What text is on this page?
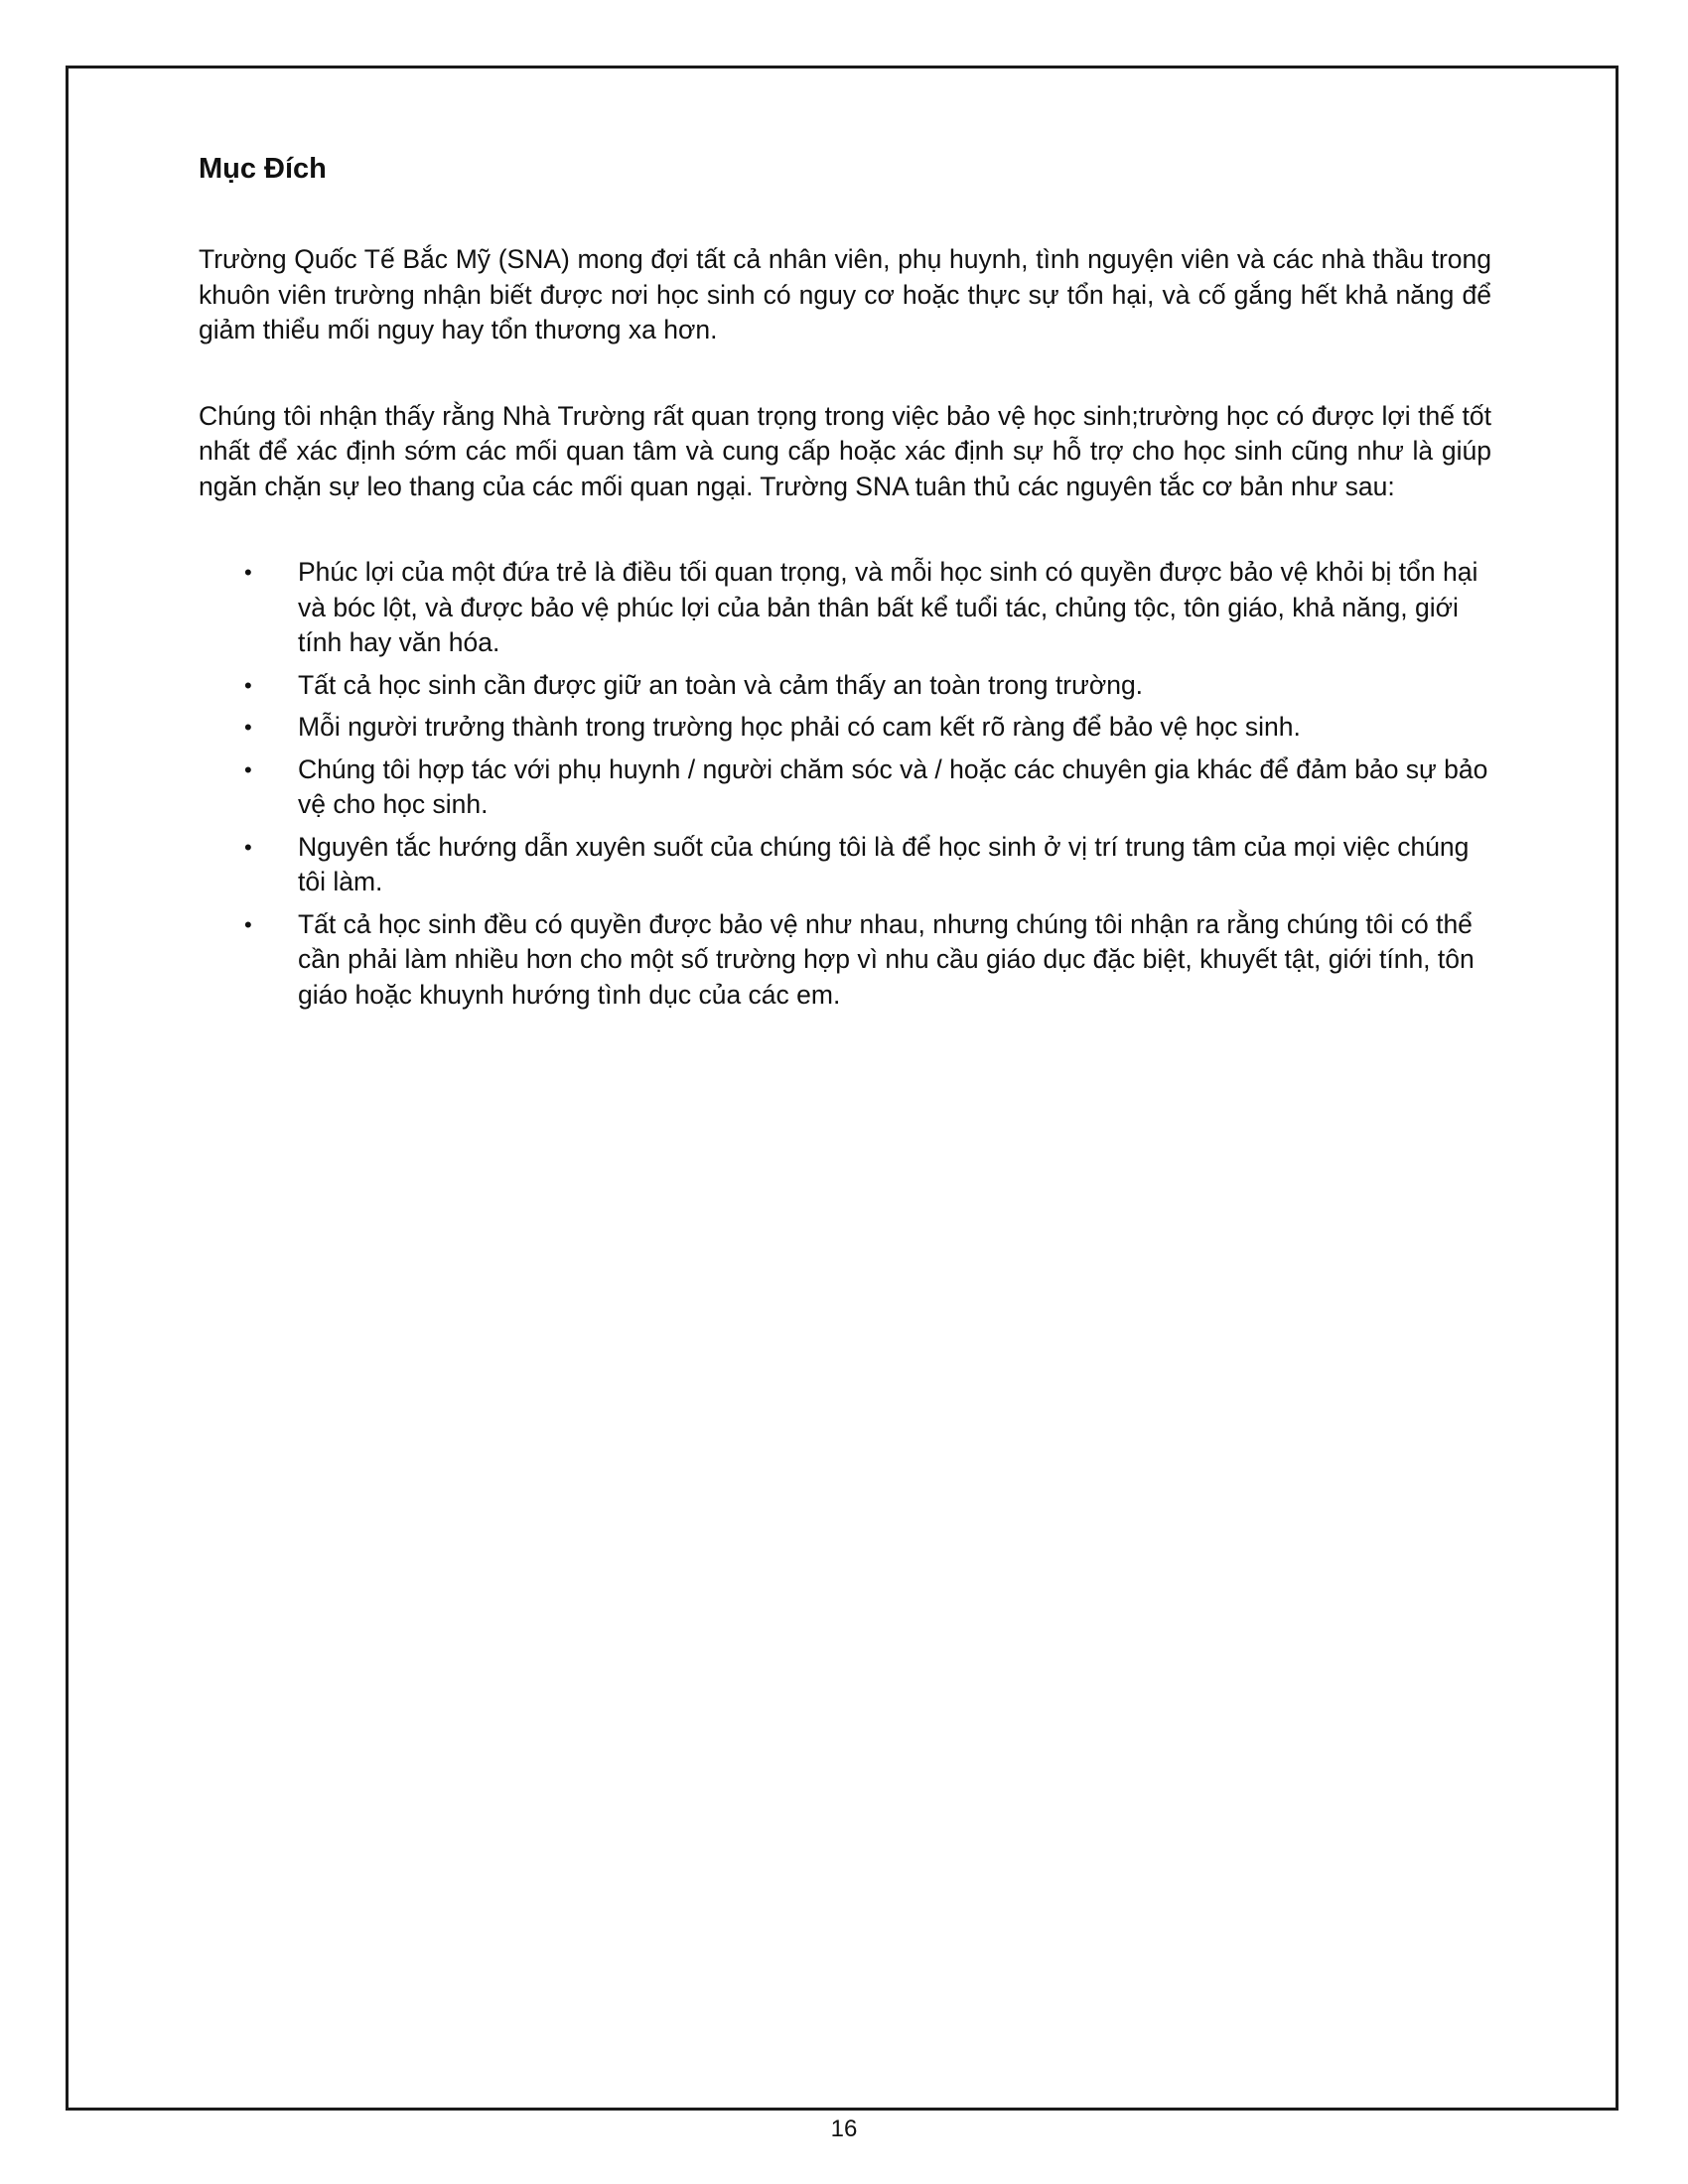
Mục Đích

Trường Quốc Tế Bắc Mỹ (SNA) mong đợi tất cả nhân viên, phụ huynh, tình nguyện viên và các nhà thầu trong khuôn viên trường nhận biết được nơi học sinh có nguy cơ hoặc thực sự tổn hại, và cố gắng hết khả năng để giảm thiểu mối nguy hay tổn thương xa hơn.

Chúng tôi nhận thấy rằng Nhà Trường rất quan trọng trong việc bảo vệ học sinh;trường học có được lợi thế tốt nhất để xác định sớm các mối quan tâm và cung cấp hoặc xác định sự hỗ trợ cho học sinh cũng như là giúp ngăn chặn sự leo thang của các mối quan ngại. Trường SNA tuân thủ các nguyên tắc cơ bản như sau:

• Phúc lợi của một đứa trẻ là điều tối quan trọng, và mỗi học sinh có quyền được bảo vệ khỏi bị tổn hại và bóc lột, và được bảo vệ phúc lợi của bản thân bất kể tuổi tác, chủng tộc, tôn giáo, khả năng, giới tính hay văn hóa.
• Tất cả học sinh cần được giữ an toàn và cảm thấy an toàn trong trường.
• Mỗi người trưởng thành trong trường học phải có cam kết rõ ràng để bảo vệ học sinh.
• Chúng tôi hợp tác với phụ huynh / người chăm sóc và / hoặc các chuyên gia khác để đảm bảo sự bảo vệ cho học sinh.
• Nguyên tắc hướng dẫn xuyên suốt của chúng tôi là để học sinh ở vị trí trung tâm của mọi việc chúng tôi làm.
• Tất cả học sinh đều có quyền được bảo vệ như nhau, nhưng chúng tôi nhận ra rằng chúng tôi có thể cần phải làm nhiều hơn cho một số trường hợp vì nhu cầu giáo dục đặc biệt, khuyết tật, giới tính, tôn giáo hoặc khuynh hướng tình dục của các em.
16
